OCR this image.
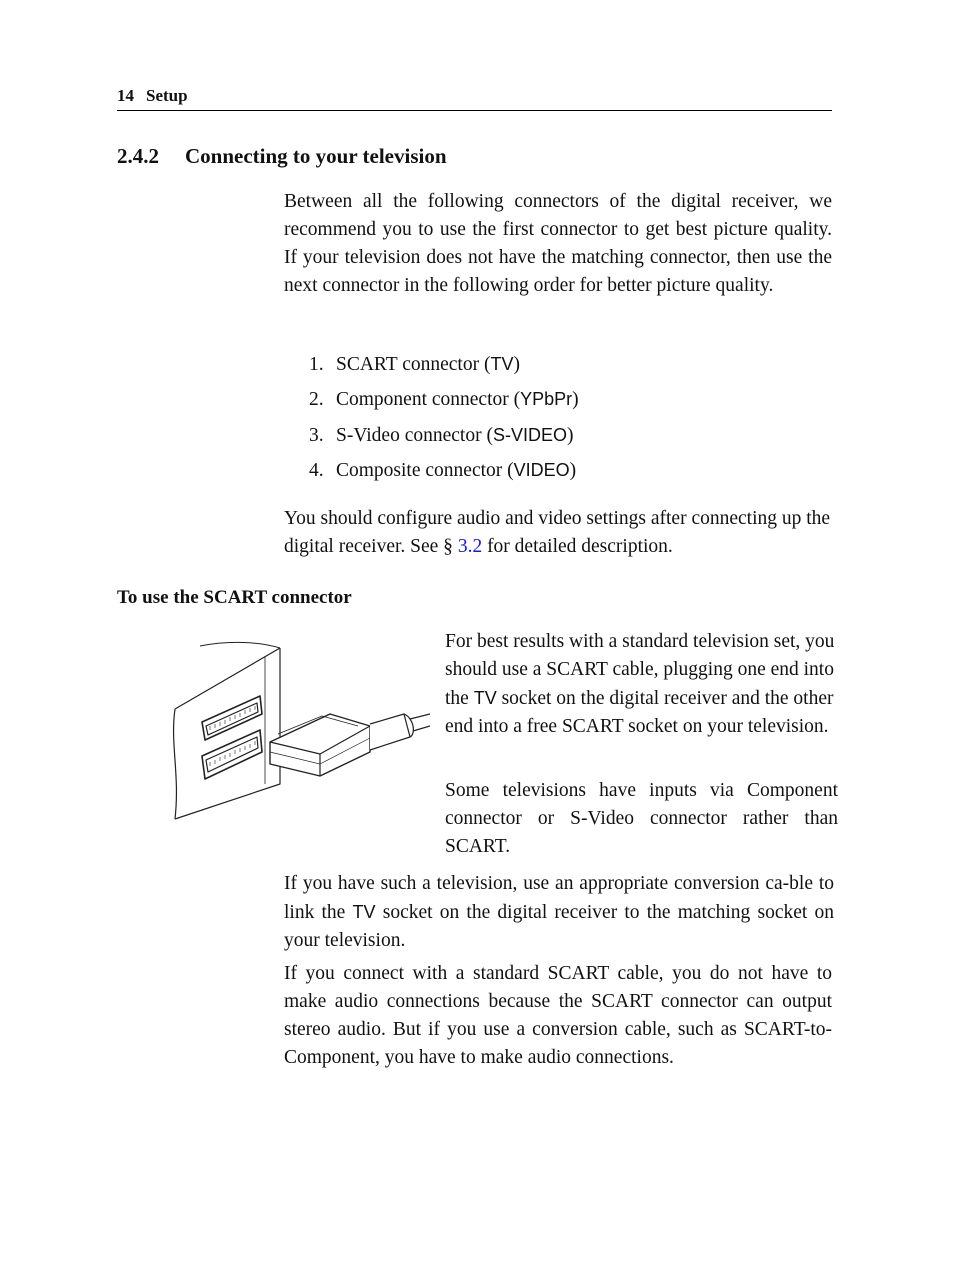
14 Setup
2.4.2 Connecting to your television

Between all the following connectors of the digital receiver, we recommend you to use the first connector to get best picture quality. If your television does not have the matching connector, then use the next connector in the following order for better picture quality.

1. SCART connector (TV)
2. Component connector (YPbPr)
3. S-Video connector (S-VIDEO)
4. Composite connector (VIDEO)

You should configure audio and video settings after connecting up the digital receiver. See § 3.2 for detailed description.

To use the SCART connector

For best results with a standard television set, you should use a SCART cable, plugging one end into the TV socket on the digital receiver and the other end into a free SCART socket on your television.

Some televisions have inputs via Component connector or S-Video connector rather than SCART.

If you have such a television, use an appropriate conversion ca-ble to link the TV socket on the digital receiver to the matching socket on your television.

If you connect with a standard SCART cable, you do not have to make audio connections because the SCART connector can output stereo audio. But if you use a conversion cable, such as SCART-to-Component, you have to make audio connections.
